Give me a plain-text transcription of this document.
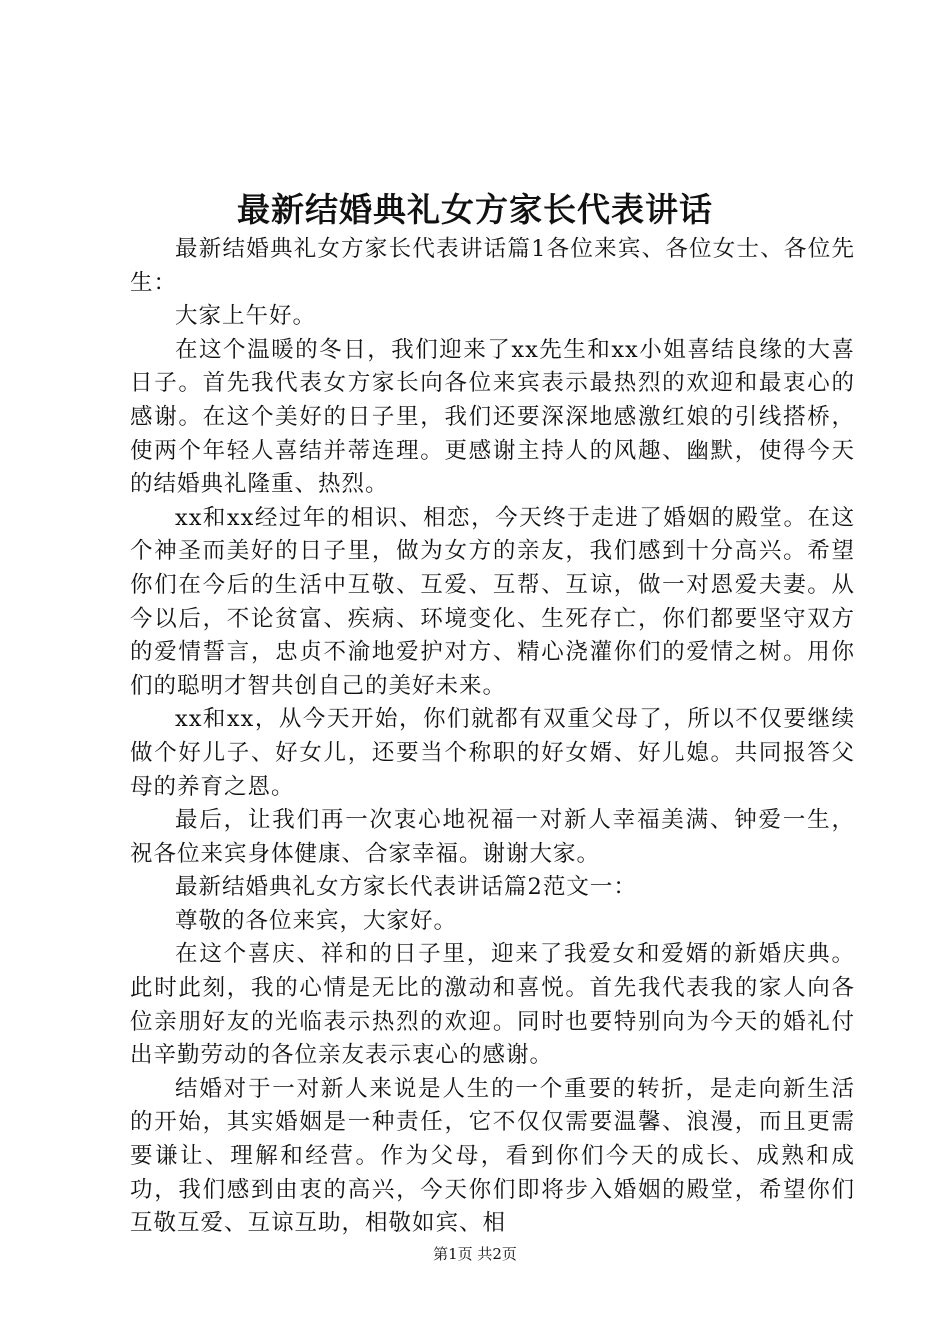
最新结婚典礼女方家长代表讲话

最新结婚典礼女方家长代表讲话篇1各位来宾、各位女士、各位先生：

大家上午好。

在这个温暖的冬日，我们迎来了xx先生和xx小姐喜结良缘的大喜日子。首先我代表女方家长向各位来宾表示最热烈的欢迎和最衷心的感谢。在这个美好的日子里，我们还要深深地感激红娘的引线搭桥，使两个年轻人喜结并蒂连理。更感谢主持人的风趣、幽默，使得今天的结婚典礼隆重、热烈。

xx和xx经过年的相识、相恋，今天终于走进了婚姻的殿堂。在这个神圣而美好的日子里，做为女方的亲友，我们感到十分高兴。希望你们在今后的生活中互敬、互爱、互帮、互谅，做一对恩爱夫妻。从今以后，不论贫富、疾病、环境变化、生死存亡，你们都要坚守双方的爱情誓言，忠贞不渝地爱护对方、精心浇灌你们的爱情之树。用你们的聪明才智共创自己的美好未来。

xx和xx，从今天开始，你们就都有双重父母了，所以不仅要继续做个好儿子、好女儿，还要当个称职的好女婿、好儿媳。共同报答父母的养育之恩。

最后，让我们再一次衷心地祝福一对新人幸福美满、钟爱一生，祝各位来宾身体健康、合家幸福。谢谢大家。

最新结婚典礼女方家长代表讲话篇2范文一：

尊敬的各位来宾，大家好。

在这个喜庆、祥和的日子里，迎来了我爱女和爱婿的新婚庆典。此时此刻，我的心情是无比的激动和喜悦。首先我代表我的家人向各位亲朋好友的光临表示热烈的欢迎。同时也要特别向为今天的婚礼付出辛勤劳动的各位亲友表示衷心的感谢。

结婚对于一对新人来说是人生的一个重要的转折，是走向新生活的开始，其实婚姻是一种责任，它不仅仅需要温馨、浪漫，而且更需要谦让、理解和经营。作为父母，看到你们今天的成长、成熟和成功，我们感到由衷的高兴，今天你们即将步入婚姻的殿堂，希望你们互敬互爱、互谅互助，相敬如宾、相

第1页 共2页
